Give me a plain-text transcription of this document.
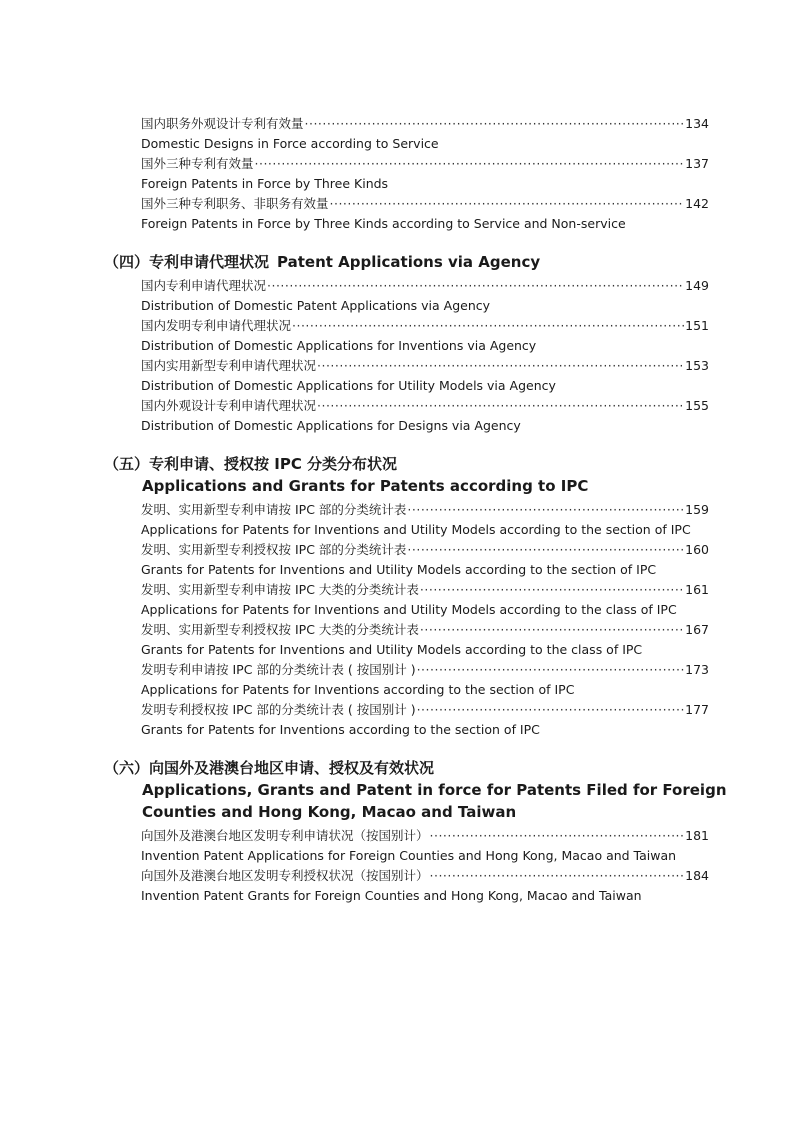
国内职务外观设计专利有效量 ·····	134
Domestic Designs in Force according to Service
国外三种专利有效量 ·····	137
Foreign Patents in Force by Three Kinds
国外三种专利职务、非职务有效量 ·····	142
Foreign Patents in Force by Three Kinds according to Service and Non-service
（四）专利申请代理状况 Patent Applications via Agency
国内专利申请代理状况 ·····	149
Distribution of Domestic Patent Applications via Agency
国内发明专利申请代理状况 ·····	151
Distribution of Domestic Applications for Inventions via Agency
国内实用新型专利申请代理状况 ·····	153
Distribution of Domestic Applications for Utility Models via Agency
国内外观设计专利申请代理状况 ·····	155
Distribution of Domestic Applications for Designs via Agency
（五）专利申请、授权按 IPC 分类分布状况
Applications and Grants for Patents according to IPC
发明、实用新型专利申请按 IPC 部的分类统计表 ·····	159
Applications for Patents for Inventions and Utility Models according to the section of IPC
发明、实用新型专利授权按 IPC 部的分类统计表 ·····	160
Grants for Patents for Inventions and Utility Models according to the section of IPC
发明、实用新型专利申请按 IPC 大类的分类统计表 ·····	161
Applications for Patents for Inventions and Utility Models according to the class of IPC
发明、实用新型专利授权按 IPC 大类的分类统计表 ·····	167
Grants for Patents for Inventions and Utility Models according to the class of IPC
发明专利申请按 IPC 部的分类统计表 ( 按国别计 ) ·····	173
Applications for Patents for Inventions according to the section of IPC
发明专利授权按 IPC 部的分类统计表 ( 按国别计 ) ·····	177
Grants for Patents for Inventions according to the section of IPC
（六）向国外及港澳台地区申请、授权及有效状况
Applications, Grants and Patent in force for Patents Filed for Foreign
Counties and Hong Kong, Macao and Taiwan
向国外及港澳台地区发明专利申请状况（按国别计） ·····	181
Invention Patent Applications for Foreign Counties and Hong Kong, Macao and Taiwan
向国外及港澳台地区发明专利授权状况（按国别计） ·····	184
Invention Patent Grants for Foreign Counties and Hong Kong, Macao and Taiwan
